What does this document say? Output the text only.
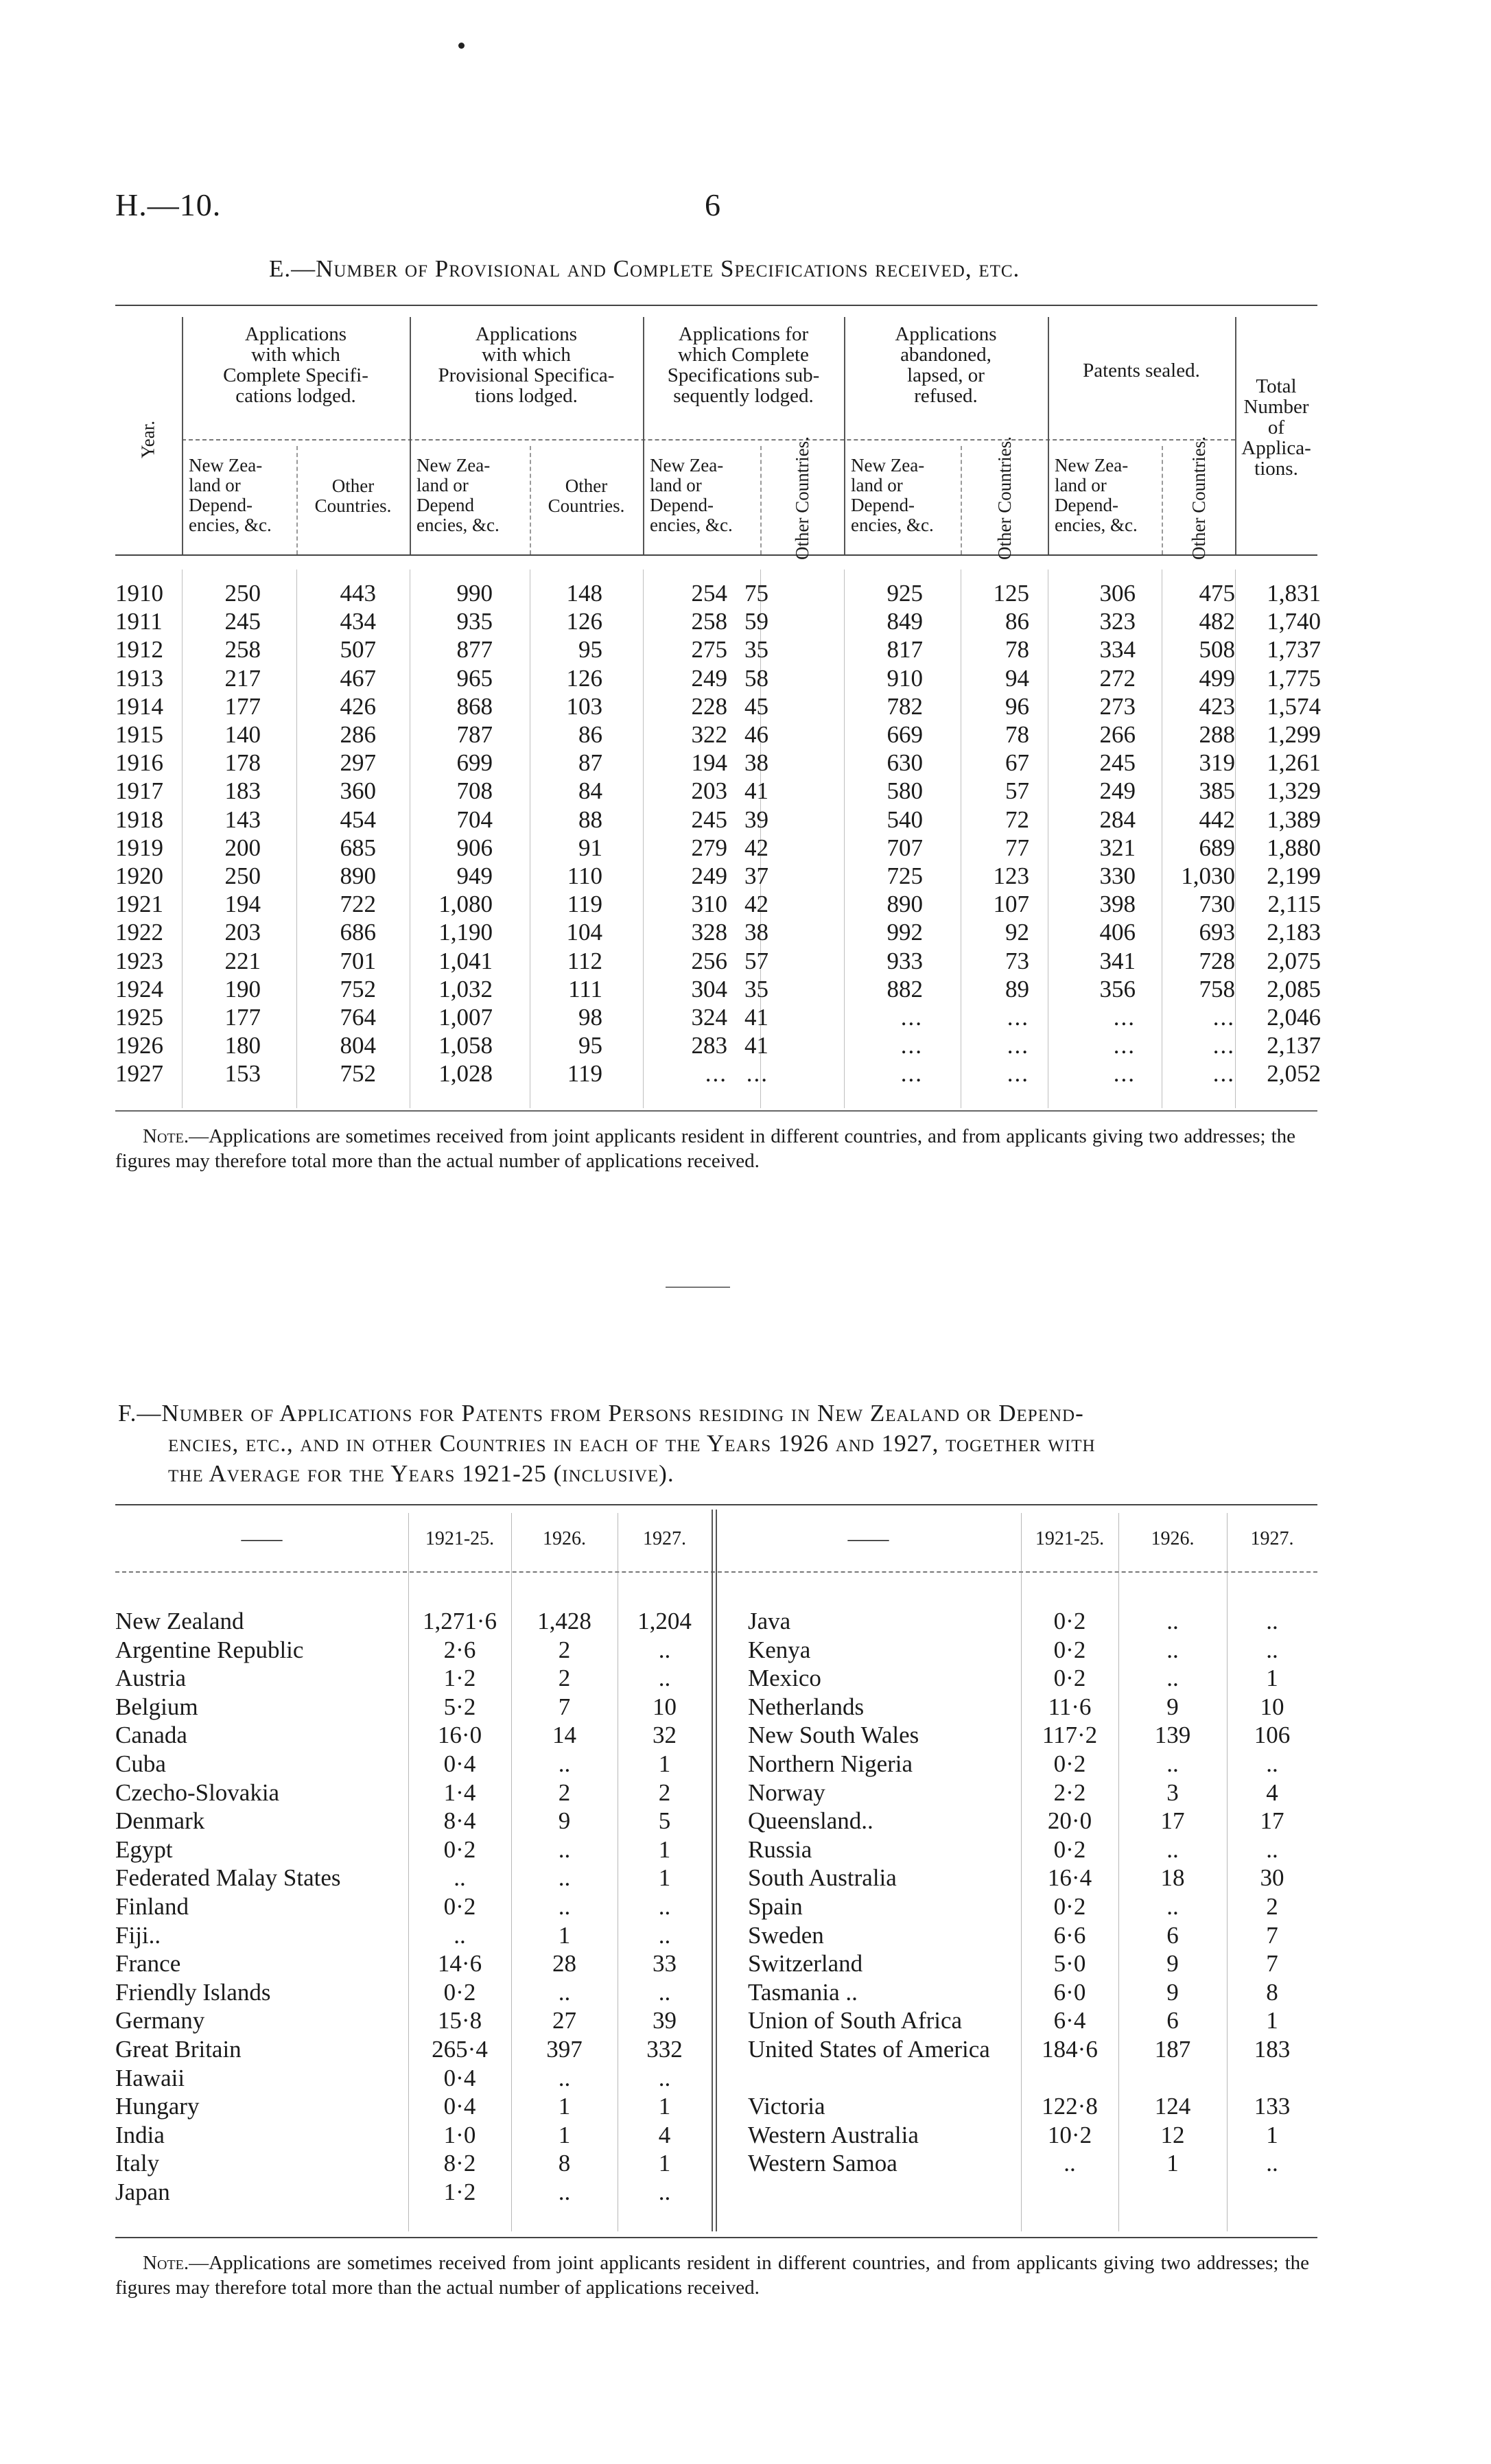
H.—10.	6
E.—Number of Provisional and Complete Specifications received, etc.
Year.
Applications
with which
Complete Specifi-
cations lodged.
Applications
with which
Provisional Specifica-
tions lodged.
Applications for
which Complete
Specifications sub-
sequently lodged.
Applications
abandoned,
lapsed, or
refused.
Patents sealed.
Total
Number
of
Applica-
tions.
New Zea-
land or
Depend-
encies, &c.
New Zea-
land or
Depend
encies, &c.
New Zea-
land or
Depend-
encies, &c.
New Zea-
land or
Depend-
encies, &c.
New Zea-
land or
Depend-
encies, &c.
Other
Countries.
Other
Countries.	Other Countries.	Other Countries.	Other Countries.
1910	250	443	990	148	254 75	925	125	306	475	1,831
1911	245	434	935	126	258 59	849	86	323	482	1,740
1912	258	507	877	95	275 35	817	78	334	508	1,737
1913	217	467	965	126	249 58	910	94	272	499	1,775
1914	177	426	868	103	228 45	782	96	273	423	1,574
1915	140	286	787	86	322 46	669	78	266	288	1,299
1916	178	297	699	87	194 38	630	67	245	319	1,261
1917	183	360	708	84	203 41	580	57	249	385	1,329
1918	143	454	704	88	245 39	540	72	284	442	1,389
1919	200	685	906	91	279 42	707	77	321	689	1,880
1920	250	890	949	110	249 37	725	123	330	1,030	2,199
1921	194	722	1,080	119	310 42	890	107	398	730	2,115
1922	203	686	1,190	104	328 38	992	92	406	693	2,183
1923	221	701	1,041	112	256 57	933	73	341	728	2,075
1924	190	752	1,032	111	304 35	882	89	356	758	2,085
1925	177	764	1,007	98	324 41	...	...	...	...	2,046
1926	180	804	1,058	95	283 41	...	...	...	...	2,137
1927	153	752	1,028	119	... ...	...	...	...	...	2,052
Note.—Applications are sometimes received from joint applicants resident in different countries, and from applicants giving two addresses; the figures may therefore total more than the actual number of applications received.
F.—Number of Applications for Patents from Persons residing in New Zealand or Depend-
encies, etc., and in other Countries in each of the Years 1926 and 1927, together with
the Average for the Years 1921-25 (inclusive).
——	——
1921-25.	1926.	1927.	1921-25.	1926.	1927.
New Zealand	1,271·6	1,428	1,204
Argentine Republic	2·6	2	..
Austria	1·2	2	..
Belgium	5·2	7	10
Canada	16·0	14	32
Cuba	0·4	..	1
Czecho-Slovakia	1·4	2	2
Denmark	8·4	9	5
Egypt	0·2	..	1
Federated Malay States	..	..	1
Finland	0·2	..	..
Fiji..	..	1	..
France	14·6	28	33
Friendly Islands	0·2	..	..
Germany	15·8	27	39
Great Britain	265·4	397	332
Hawaii	0·4	..	..
Hungary	0·4	1	1
India	1·0	1	4
Italy	8·2	8	1
Japan	1·2	..	..
Java	0·2	..	..
Kenya	0·2	..	..
Mexico	0·2	..	1
Netherlands	11·6	9	10
New South Wales	117·2	139	106
Northern Nigeria	0·2	..	..
Norway	2·2	3	4
Queensland..	20·0	17	17
Russia	0·2	..	..
South Australia	16·4	18	30
Spain	0·2	..	2
Sweden	6·6	6	7
Switzerland	5·0	9	7
Tasmania ..	6·0	9	8
Union of South Africa	6·4	6	1
United States of America	184·6	187	183
Victoria	122·8	124	133
Western Australia	10·2	12	1
Western Samoa	..	1	..
Note.—Applications are sometimes received from joint applicants resident in different countries, and from applicants giving two addresses; the figures may therefore total more than the actual number of applications received.
